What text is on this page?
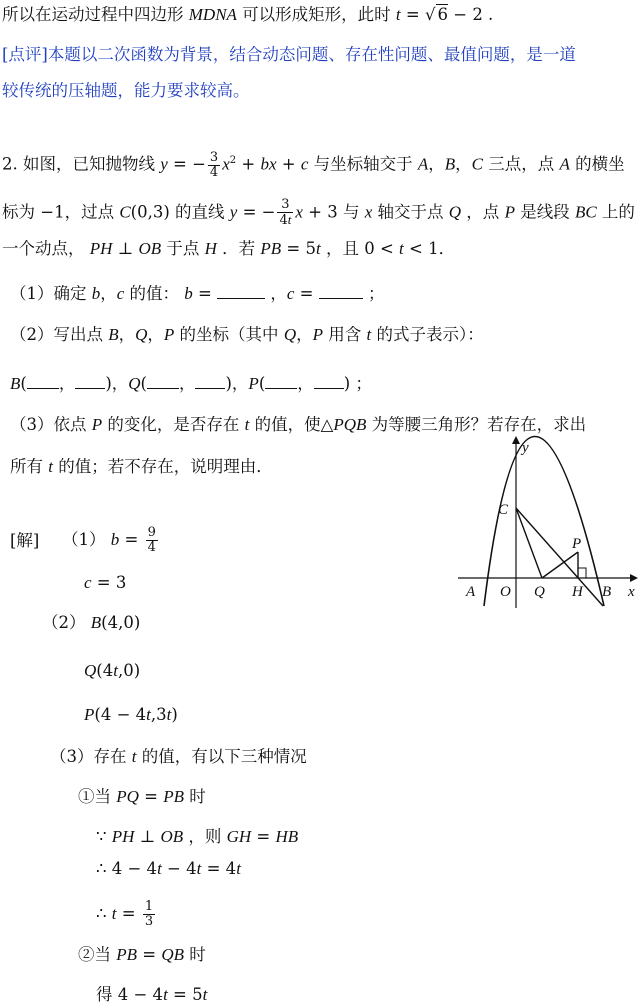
所以在运动过程中四边形 MDNA 可以形成矩形，此时 t = √ 6 − 2 .
[点评]本题以二次函数为背景，结合动态问题、存在性问题、最值问题，是一道
较传统的压轴题，能力要求较高。
2. 如图，已知抛物线 y = − $\frac{3}{4} x^2$ + bx + c 与坐标轴交于 A，B，C 三点，点 A 的横坐
标为 −1，过点 C(0,3) 的直线 y = − $\frac{3}{4t}$ x + 3 与 x 轴交于点 Q ，点 P 是线段 BC 上的
一个动点， PH ⊥ OB 于点 H ．若 PB = 5t ，且 0 < t < 1．
（1）确定 b，c 的值： b =	，c =	；
（2）写出点 B，Q，P 的坐标（其中 Q，P 用含 t 的式子表示）：
B( ， )，Q( ， )，P( ， ) ；
（3）依点 P 的变化，是否存在 t 的值，使△PQB 为等腰三角形？若存在，求出
所有 t 的值；若不存在，说明理由．
[解] （1） $b = \frac{9}{4}$
c = 3
（2） B(4,0)
Q(4t,0)
P(4 − 4t,3t)
（3）存在 t 的值，有以下三种情况
①当 PQ = PB 时
∵ PH ⊥ OB ，则 GH = HB
∴ 4 − 4t − 4t = 4t
∴ $t = \frac{1}{3}$
②当 PB = QB 时
得 4 − 4t = 5t
y
x
C
P
A O Q H B
